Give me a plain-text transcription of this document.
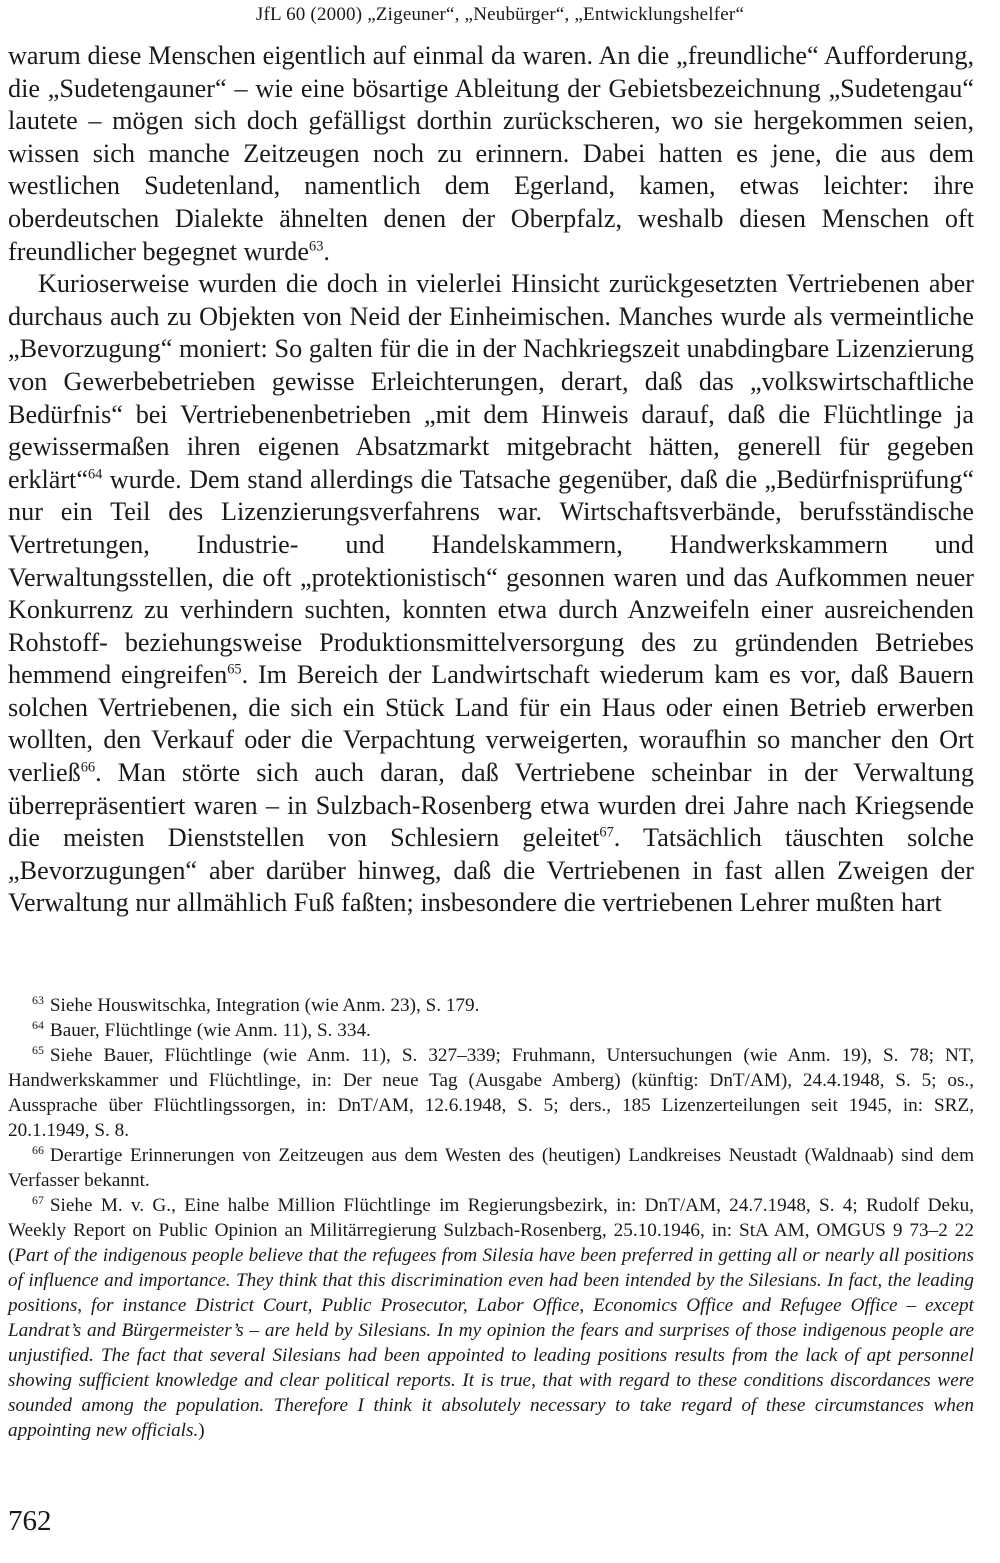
JfL 60 (2000) „Zigeuner“, „Neubürger“, „Entwicklungshelfer“

warum diese Menschen eigentlich auf einmal da waren. An die „freundliche“ Aufforderung, die „Sudetengauner“ – wie eine bösartige Ableitung der Gebietsbezeichnung „Sudetengau“ lautete – mögen sich doch gefälligst dorthin zurückscheren, wo sie hergekommen seien, wissen sich manche Zeitzeugen noch zu erinnern. Dabei hatten es jene, die aus dem westlichen Sudetenland, namentlich dem Egerland, kamen, etwas leichter: ihre oberdeutschen Dialekte ähnelten denen der Oberpfalz, weshalb diesen Menschen oft freundlicher begegnet wurde$^{63}$.

Kurioserweise wurden die doch in vielerlei Hinsicht zurückgesetzten Vertriebenen aber durchaus auch zu Objekten von Neid der Einheimischen. Manches wurde als vermeintliche „Bevorzugung“ moniert: So galten für die in der Nachkriegszeit unabdingbare Lizenzierung von Gewerbebetrieben gewisse Erleichterungen, derart, daß das „volkswirtschaftliche Bedürfnis“ bei Vertriebenenbetrieben „mit dem Hinweis darauf, daß die Flüchtlinge ja gewissermaßen ihren eigenen Absatzmarkt mitgebracht hätten, generell für gegeben erklärt“$^{64}$ wurde. Dem stand allerdings die Tatsache gegenüber, daß die „Bedürfnisprüfung“ nur ein Teil des Lizenzierungsverfahrens war. Wirtschaftsverbände, berufsständische Vertretungen, Industrie- und Handelskammern, Handwerkskammern und Verwaltungsstellen, die oft „protektionistisch“ gesonnen waren und das Aufkommen neuer Konkurrenz zu verhindern suchten, konnten etwa durch Anzweifeln einer ausreichenden Rohstoff- beziehungsweise Produktionsmittelversorgung des zu gründenden Betriebes hemmend eingreifen$^{65}$. Im Bereich der Landwirtschaft wiederum kam es vor, daß Bauern solchen Vertriebenen, die sich ein Stück Land für ein Haus oder einen Betrieb erwerben wollten, den Verkauf oder die Verpachtung verweigerten, woraufhin so mancher den Ort verließ$^{66}$. Man störte sich auch daran, daß Vertriebene scheinbar in der Verwaltung überrepräsentiert waren – in Sulzbach-Rosenberg etwa wurden drei Jahre nach Kriegsende die meisten Dienststellen von Schlesiern geleitet$^{67}$. Tatsächlich täuschten solche „Bevorzugungen“ aber darüber hinweg, daß die Vertriebenen in fast allen Zweigen der Verwaltung nur allmählich Fuß faßten; insbesondere die vertriebenen Lehrer mußten hart

$^{63}$ Siehe Houswitschka, Integration (wie Anm. 23), S. 179.

$^{64}$ Bauer, Flüchtlinge (wie Anm. 11), S. 334.

$^{65}$ Siehe Bauer, Flüchtlinge (wie Anm. 11), S. 327–339; Fruhmann, Untersuchungen (wie Anm. 19), S. 78; NT, Handwerkskammer und Flüchtlinge, in: Der neue Tag (Ausgabe Amberg) (künftig: DnT/AM), 24.4.1948, S. 5; os., Aussprache über Flüchtlingssorgen, in: DnT/AM, 12.6.1948, S. 5; ders., 185 Lizenzerteilungen seit 1945, in: SRZ, 20.1.1949, S. 8.

$^{66}$ Derartige Erinnerungen von Zeitzeugen aus dem Westen des (heutigen) Landkreises Neustadt (Waldnaab) sind dem Verfasser bekannt.

$^{67}$ Siehe M. v. G., Eine halbe Million Flüchtlinge im Regierungsbezirk, in: DnT/AM, 24.7.1948, S. 4; Rudolf Deku, Weekly Report on Public Opinion an Militärregierung Sulzbach-Rosenberg, 25.10.1946, in: StA AM, OMGUS 9 73–2 22 (Part of the indigenous people believe that the refugees from Silesia have been preferred in getting all or nearly all positions of influence and importance. They think that this discrimination even had been intended by the Silesians. In fact, the leading positions, for instance District Court, Public Prosecutor, Labor Office, Economics Office and Refugee Office – except Landrat’s and Bürgermeister’s – are held by Silesians. In my opinion the fears and surprises of those indigenous people are unjustified. The fact that several Silesians had been appointed to leading positions results from the lack of apt personnel showing sufficient knowledge and clear political reports. It is true, that with regard to these conditions discordances were sounded among the population. Therefore I think it absolutely necessary to take regard of these circumstances when appointing new officials.)

762
